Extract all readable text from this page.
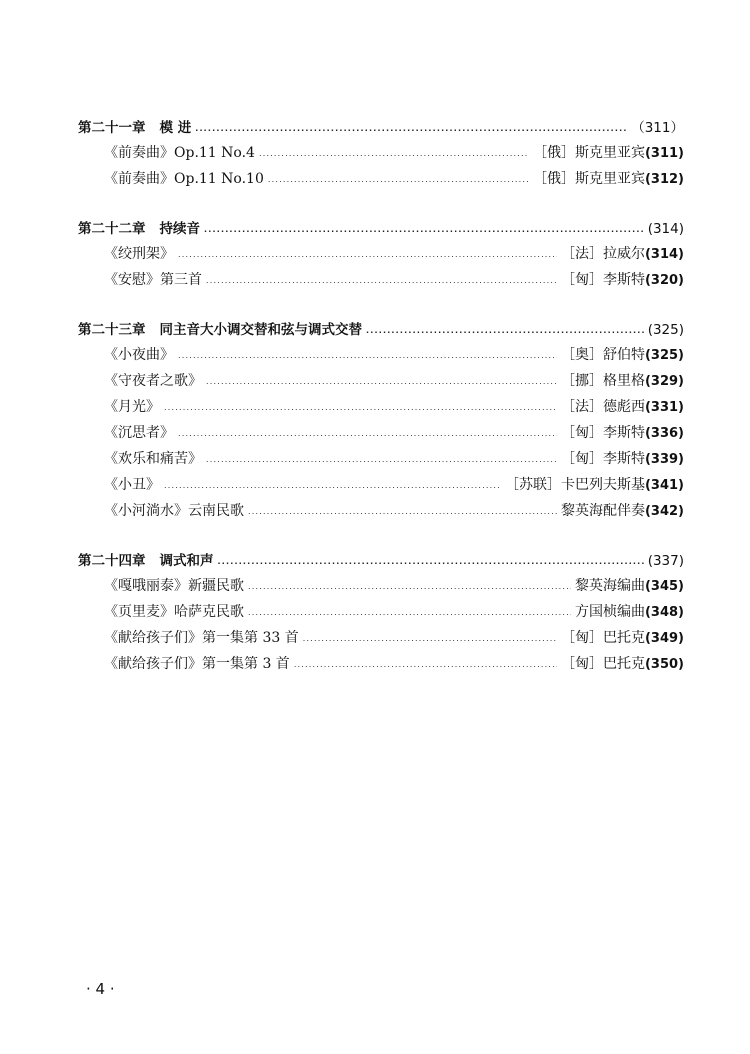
第二十一章 模 进 .....	（311）
《前奏曲》Op.11 No.4 .....	［俄］斯克里亚宾 (311)
《前奏曲》Op.11 No.10 .....	［俄］斯克里亚宾 (312)
第二十二章 持续音 .....	(314)
《绞刑架》 .....	［法］拉威尔 (314)
《安慰》第三首 .....	［匈］李斯特 (320)
第二十三章 同主音大小调交替和弦与调式交替 .....	(325)
《小夜曲》 .....	［奥］舒伯特 (325)
《守夜者之歌》 .....	［挪］格里格 (329)
《月光》 .....	［法］德彪西 (331)
《沉思者》 .....	［匈］李斯特 (336)
《欢乐和痛苦》 .....	［匈］李斯特 (339)
《小丑》 .....	［苏联］卡巴列夫斯基 (341)
《小河淌水》云南民歌 .....	黎英海配伴奏 (342)
第二十四章 调式和声 .....	(337)
《嘎哦丽泰》新疆民歌 .....	黎英海编曲 (345)
《页里麦》哈萨克民歌 .....	方国桢编曲 (348)
《献给孩子们》第一集第 33 首 .....	［匈］巴托克 (349)
《献给孩子们》第一集第 3 首 .....	［匈］巴托克 (350)
· 4 ·
